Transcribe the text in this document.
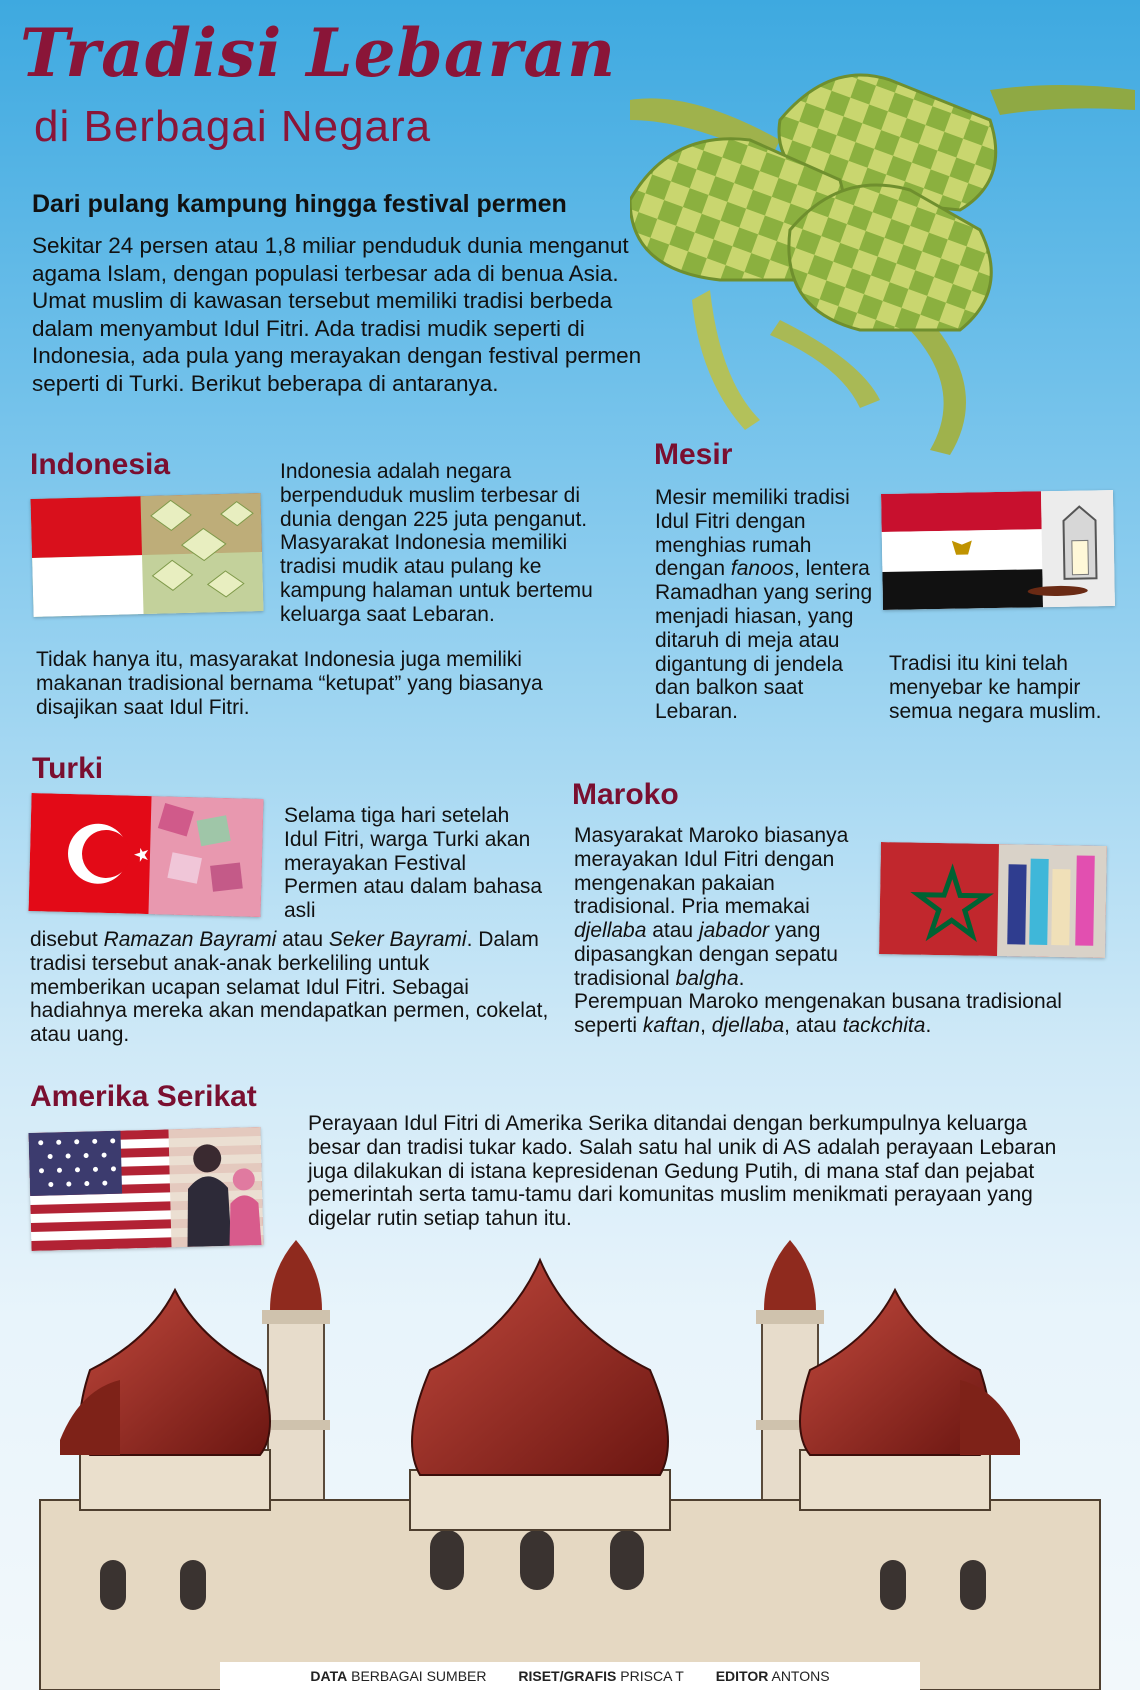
Tradisi Lebaran
di Berbagai Negara
Dari pulang kampung hingga festival permen
Sekitar 24 persen atau 1,8 miliar penduduk dunia menganut agama Islam, dengan populasi terbesar ada di benua Asia. Umat muslim di kawasan tersebut memiliki tradisi berbeda dalam menyambut Idul Fitri. Ada tradisi mudik seperti di Indonesia, ada pula yang merayakan dengan festival permen seperti di Turki. Berikut beberapa di antaranya.
Indonesia	Indonesia adalah negara berpenduduk muslim terbesar di dunia dengan 225 juta penganut. Masyarakat Indonesia memiliki tradisi mudik atau pulang ke kampung halaman untuk bertemu keluarga saat Lebaran.
Tidak hanya itu, masyarakat Indonesia juga memiliki makanan tradisional bernama “ketupat” yang biasanya disajikan saat Idul Fitri.
Mesir
Mesir memiliki tradisi Idul Fitri dengan menghias rumah dengan fanoos, lentera Ramadhan yang sering menjadi hiasan, yang ditaruh di meja atau digantung di jendela dan balkon saat Lebaran.
Tradisi itu kini telah menyebar ke hampir semua negara muslim.
Turki
Selama tiga hari setelah Idul Fitri, warga Turki akan merayakan Festival Permen atau dalam bahasa asli
disebut Ramazan Bayrami atau Seker Bayrami. Dalam tradisi tersebut anak-anak berkeliling untuk memberikan ucapan selamat Idul Fitri. Sebagai hadiahnya mereka akan mendapatkan permen, cokelat, atau uang.
Maroko
Masyarakat Maroko biasanya merayakan Idul Fitri dengan mengenakan pakaian tradisional. Pria memakai djellaba atau jabador yang dipasangkan dengan sepatu tradisional balgha.
Perempuan Maroko mengenakan busana tradisional seperti kaftan, djellaba, atau tackchita.
Amerika Serikat
Perayaan Idul Fitri di Amerika Serika ditandai dengan berkumpulnya keluarga besar dan tradisi tukar kado. Salah satu hal unik di AS adalah perayaan Lebaran juga dilakukan di istana kepresidenan Gedung Putih, di mana staf dan pejabat pemerintah serta tamu-tamu dari komunitas muslim menikmati perayaan yang digelar rutin setiap tahun itu.
DATA BERBAGAI SUMBER RISET/GRAFIS PRISCA T EDITOR ANTONS
